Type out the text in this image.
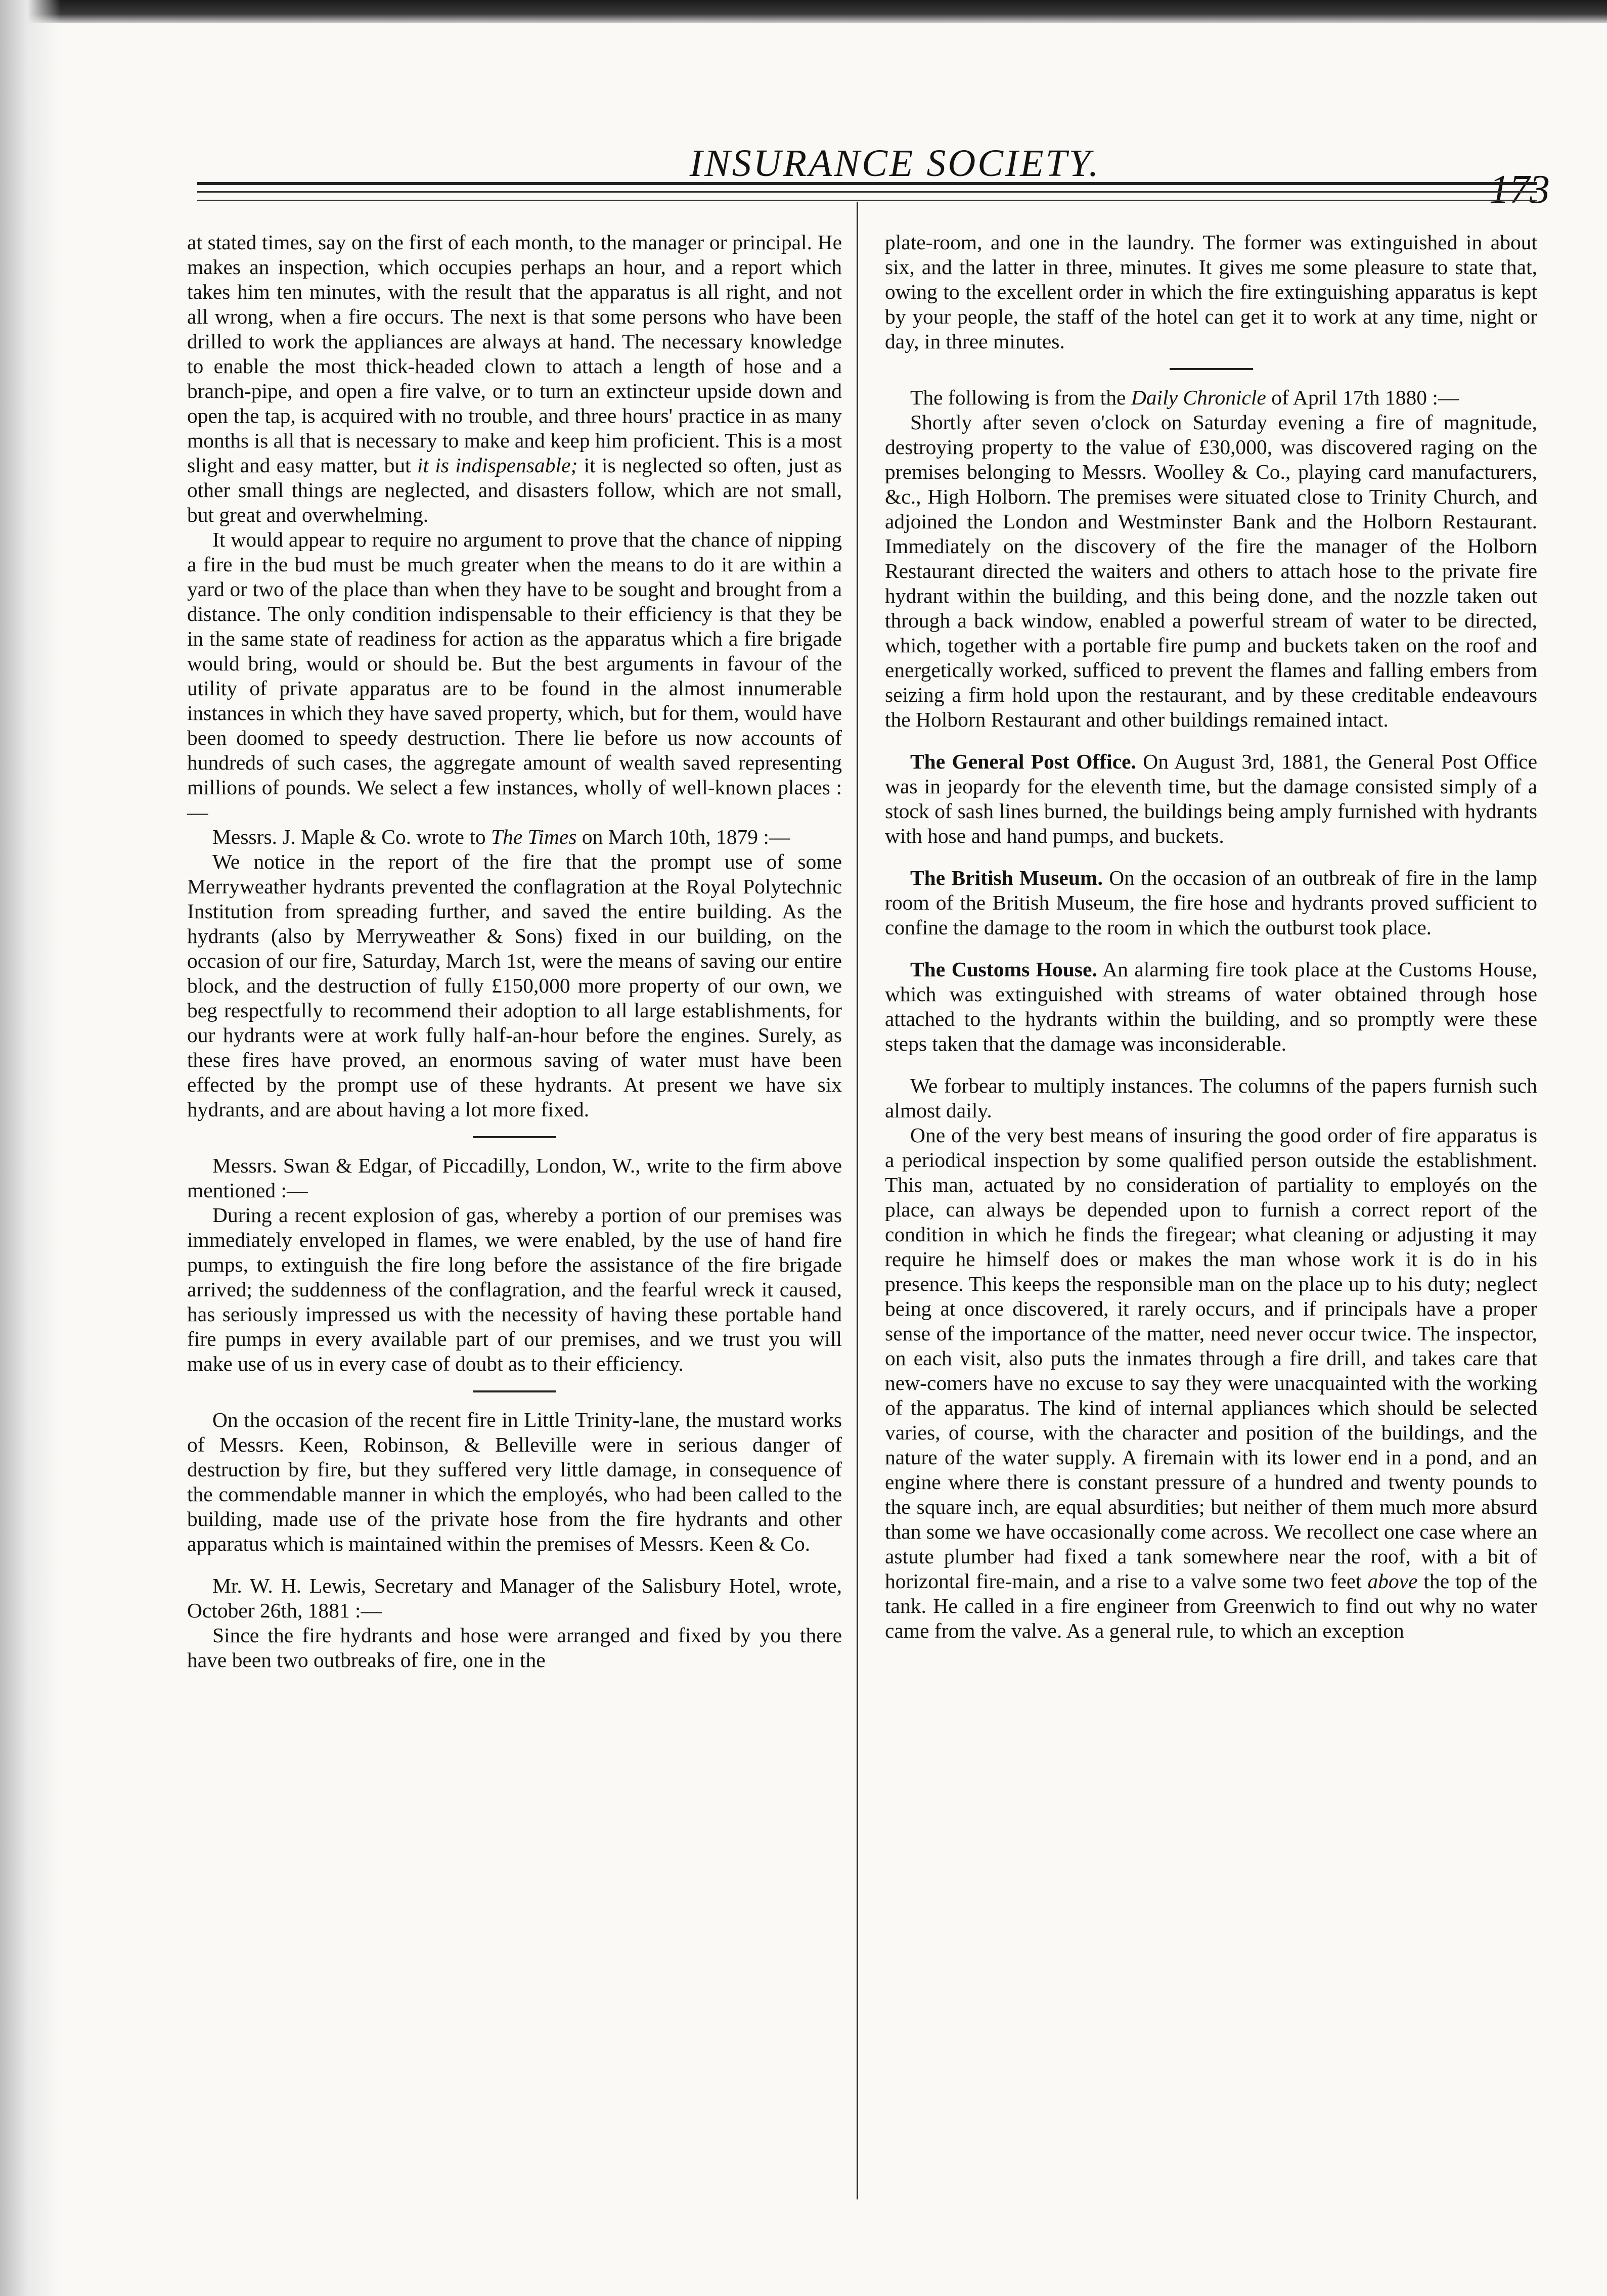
INSURANCE SOCIEΤY.
173

at stated times, say on the first of each month, to the manager or principal. He makes an inspection, which occupies perhaps an hour, and a report which takes him ten minutes, with the result that the apparatus is all right, and not all wrong, when a fire occurs. The next is that some persons who have been drilled to work the appliances are always at hand. The necessary knowledge to enable the most thick-headed clown to attach a length of hose and a branch-pipe, and open a fire valve, or to turn an extincteur upside down and open the tap, is acquired with no trouble, and three hours' practice in as many months is all that is necessary to make and keep him proficient. This is a most slight and easy matter, but it is indispensable; it is neglected so often, just as other small things are neglected, and disasters follow, which are not small, but great and overwhelming.

It would appear to require no argument to prove that the chance of nipping a fire in the bud must be much greater when the means to do it are within a yard or two of the place than when they have to be sought and brought from a distance. The only condition indispensable to their efficiency is that they be in the same state of readiness for action as the apparatus which a fire brigade would bring, would or should be. But the best arguments in favour of the utility of private apparatus are to be found in the almost innumerable instances in which they have saved property, which, but for them, would have been doomed to speedy destruction. There lie before us now accounts of hundreds of such cases, the aggregate amount of wealth saved representing millions of pounds. We select a few instances, wholly of well-known places :—

Messrs. J. Maple & Co. wrote to The Times on March 10th, 1879 :—

We notice in the report of the fire that the prompt use of some Merryweather hydrants prevented the conflagration at the Royal Polytechnic Institution from spreading further, and saved the entire building. As the hydrants (also by Merryweather & Sons) fixed in our building, on the occasion of our fire, Saturday, March 1st, were the means of saving our entire block, and the destruction of fully £150,000 more property of our own, we beg respectfully to recommend their adoption to all large establishments, for our hydrants were at work fully half-an-hour before the engines. Surely, as these fires have proved, an enormous saving of water must have been effected by the prompt use of these hydrants. At present we have six hydrants, and are about having a lot more fixed.

Messrs. Swan & Edgar, of Piccadilly, London, W., write to the firm above mentioned :—

During a recent explosion of gas, whereby a portion of our premises was immediately enveloped in flames, we were enabled, by the use of hand fire pumps, to extinguish the fire long before the assistance of the fire brigade arrived; the suddenness of the conflagration, and the fearful wreck it caused, has seriously impressed us with the necessity of having these portable hand fire pumps in every available part of our premises, and we trust you will make use of us in every case of doubt as to their efficiency.

On the occasion of the recent fire in Little Trinity-lane, the mustard works of Messrs. Keen, Robinson, & Belleville were in serious danger of destruction by fire, but they suffered very little damage, in consequence of the commendable manner in which the employés, who had been called to the building, made use of the private hose from the fire hydrants and other apparatus which is maintained within the premises of Messrs. Keen & Co.

Mr. W. H. Lewis, Secretary and Manager of the Salisbury Hotel, wrote, October 26th, 1881 :—

Since the fire hydrants and hose were arranged and fixed by you there have been two outbreaks of fire, one in the

plate-room, and one in the laundry. The former was extinguished in about six, and the latter in three, minutes. It gives me some pleasure to state that, owing to the excellent order in which the fire extinguishing apparatus is kept by your people, the staff of the hotel can get it to work at any time, night or day, in three minutes.

The following is from the Daily Chronicle of April 17th 1880 :—

Shortly after seven o'clock on Saturday evening a fire of magnitude, destroying property to the value of £30,000, was discovered raging on the premises belonging to Messrs. Woolley & Co., playing card manufacturers, &c., High Holborn. The premises were situated close to Trinity Church, and adjoined the London and Westminster Bank and the Holborn Restaurant. Immediately on the discovery of the fire the manager of the Holborn Restaurant directed the waiters and others to attach hose to the private fire hydrant within the building, and this being done, and the nozzle taken out through a back window, enabled a powerful stream of water to be directed, which, together with a portable fire pump and buckets taken on the roof and energetically worked, sufficed to prevent the flames and falling embers from seizing a firm hold upon the restaurant, and by these creditable endeavours the Holborn Restaurant and other buildings remained intact.

The General Post Office. On August 3rd, 1881, the General Post Office was in jeopardy for the eleventh time, but the damage consisted simply of a stock of sash lines burned, the buildings being amply furnished with hydrants with hose and hand pumps, and buckets.

The British Museum. On the occasion of an outbreak of fire in the lamp room of the British Museum, the fire hose and hydrants proved sufficient to confine the damage to the room in which the outburst took place.

The Customs House. An alarming fire took place at the Customs House, which was extinguished with streams of water obtained through hose attached to the hydrants within the building, and so promptly were these steps taken that the damage was inconsiderable.

We forbear to multiply instances. The columns of the papers furnish such almost daily.

One of the very best means of insuring the good order of fire apparatus is a periodical inspection by some qualified person outside the establishment. This man, actuated by no consideration of partiality to employés on the place, can always be depended upon to furnish a correct report of the condition in which he finds the firegear; what cleaning or adjusting it may require he himself does or makes the man whose work it is do in his presence. This keeps the responsible man on the place up to his duty; neglect being at once discovered, it rarely occurs, and if principals have a proper sense of the importance of the matter, need never occur twice. The inspector, on each visit, also puts the inmates through a fire drill, and takes care that new-comers have no excuse to say they were unacquainted with the working of the apparatus. The kind of internal appliances which should be selected varies, of course, with the character and position of the buildings, and the nature of the water supply. A firemain with its lower end in a pond, and an engine where there is constant pressure of a hundred and twenty pounds to the square inch, are equal absurdities; but neither of them much more absurd than some we have occasionally come across. We recollect one case where an astute plumber had fixed a tank somewhere near the roof, with a bit of horizontal fire-main, and a rise to a valve some two feet above the top of the tank. He called in a fire engineer from Greenwich to find out why no water came from the valve. As a general rule, to which an exception
